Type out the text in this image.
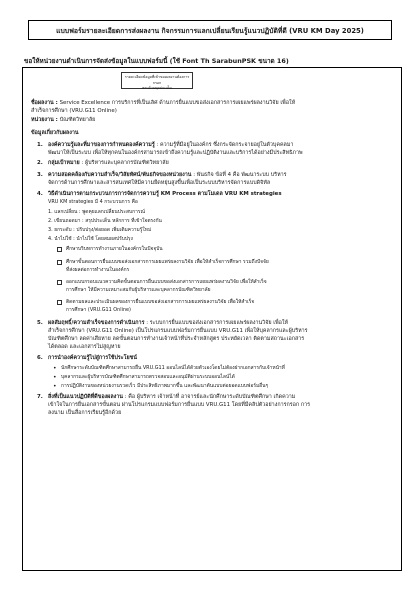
แบบฟอร์มรายละเอียดการส่งผลงาน กิจกรรมการแลกเปลี่ยนเรียนรู้แนวปฏิบัติที่ดี (VRU KM Day 2025)
ขอให้หน่วยงานดำเนินการจัดส่งข้อมูลในแบบฟอร์มนี้ (ใช้ Font Th SarabunPSK ขนาด 16)
รายละเอียดข้อมูลที่เข้าของผลงานต้องการกรอก
ครบถ้วนทุกประเด็น
ชื่อผลงาน : Service Excellence การบริการที่เป็นเลิศ ด้านการยื่นแบบขอส่งเอกสารการเผยแพร่ผลงานวิจัย เพื่อให้
สำเร็จการศึกษา (VRU.G11 Online)
หน่วยงาน : บัณฑิตวิทยาลัย
ข้อมูลเกี่ยวกับผลงาน
1. องค์ความรู้และที่มาของการกำหนดองค์ความรู้ : ความรู้ที่มีอยู่ในองค์กร ซึ่งกระจัดกระจายอยู่ในตัวบุคคลมา
พัฒนาให้เป็นระบบ เพื่อให้ทุกคนในองค์กรสามารถเข้าถึงความรู้และปฏิบัติงานและบริการได้อย่างมีประสิทธิภาพ
2. กลุ่มเป้าหมาย : ผู้บริหารและบุคลากรบัณฑิตวิทยาลัย
3. ความสอดคล้องกับความสำเร็จ/วิสัยทัศน์/พันธกิจของหน่วยงาน : พันธกิจ ข้อที่ 4 คือ พัฒนาระบบ บริหาร
จัดการด้านการศึกษาและสารสนเทศให้มีความยืดหยุ่นสูงขึ้นเพื่อเป็นระบบบริหารจัดการแบบดิจิทัล
4. วิธีดำเนินการตามกระบวนการการจัดการความรู้ KM Process ตามโมเดล VRU KM strategies
VRU KM strategies มี 4 กระบวนการ คือ
1. แลกเปลี่ยน : พูดคุยแลกเปลี่ยนประสบการณ์
2. เขียนถอดมา : สรุปประเด็น หลักการ ที่เข้าใจตรงกัน
3. ยกระดับ : ปรับปรุง/ต่อยอด เพิ่มเติมความรู้ใหม่
4. นำไปใช้ : นำไปใช้ โดยสมผสปรับปรุง
ศึกษาบริบทการทำงานภายในองค์กรในปัจจุบัน
ศึกษาขั้นตอนการยื่นแบบขอส่งเอกสารการเผยแพร่ผลงานวิจัย เพื่อให้สำเร็จการศึกษา รวมถึงปัจจัย
ที่ส่งผลต่อการทำงานในองค์กร
ออกแบบกรอบแนวความคิดขั้นตอนการยื่นแบบขอส่งเอกสารการเผยแพร่ผลงานวิจัย เพื่อให้สำเร็จ
การศึกษา ให้มีความเหมาะสมกับผู้บริหารและบุคลากรบัณฑิตวิทยาลัย
ติดตามผลและประเมินผลของการยื่นแบบขอส่งเอกสารการเผยแพร่ผลงานวิจัย เพื่อให้สำเร็จ
การศึกษา (VRU.G11 Online)
5. ผลสัมฤทธิ์/ความสำเร็จของการดำเนินการ : ระบบการยื่นแบบขอส่งเอกสารการเผยแพร่ผลงานวิจัย เพื่อให้
สำเร็จการศึกษา (VRU.G11 Online) เป็นโปรแกรมแบบฟอร์มการยื่นแบบ VRU.G11 เพื่อให้บุคลากรและผู้บริหาร
บัณฑิตศึกษา ลดค่าเสียหาย ลดขั้นตอนการทำงานเจ้าหน้าที่ประจำหลักสูตร ประหยัดเวลา ติดตามสถานะเอกสาร
ได้ตลอด และเอกสารไม่สูญหาย
6. การนำองค์ความรู้ไปสู่การใช้ประโยชน์
• นักศึกษาระดับบัณฑิตศึกษาสามารถยื่น VRU.G11 ออนไลน์ได้ด้วยตัวเองโดยไม่ต้องฝากเอกสารกับเจ้าหน้าที่
• บุคลากรและผู้บริหารบัณฑิตศึกษาสามารถตรวจสอบและอนุมัติผ่านระบบออนไลน์ได้
• การปฏิบัติงานของหน่วยงานรวดเร็ว มีประสิทธิภาพมากขึ้น และพัฒนาต้นแบบต่อยอดแบบฟอร์มอื่นๆ
7. สิ่งที่เป็นแนวปฏิบัติที่ดีของผลงาน : คือ ผู้บริหาร เจ้าหน้าที่ อาจารย์และนักศึกษาระดับบัณฑิตศึกษา เกิดความ
เข้าใจในการยื่นเอกสารขั้นตอน ผ่านโปรแกรมแบบฟอร์มการยื่นแบบ VRU.G11 โดยที่มีคลิปตัวอย่างการกรอก การ
ลงนาม เป็นสื่อการเรียนรู้อีกด้วย
